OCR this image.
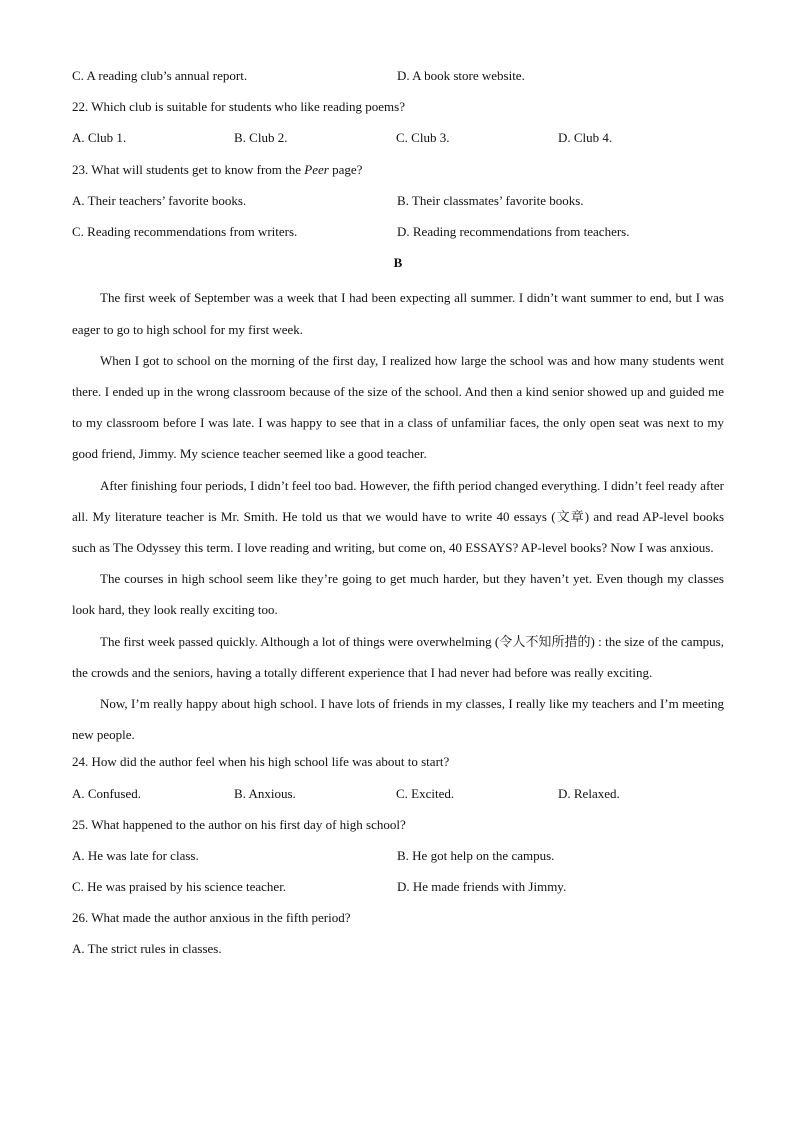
C. A reading club’s annual report.	D. A book store website.
22. Which club is suitable for students who like reading poems?
A. Club 1.	B. Club 2.	C. Club 3.	D. Club 4.
23. What will students get to know from the Peer page?
A. Their teachers’ favorite books.	B. Their classmates’ favorite books.
C. Reading recommendations from writers.	D. Reading recommendations from teachers.
B
The first week of September was a week that I had been expecting all summer. I didn’t want summer to end, but I was eager to go to high school for my first week.
When I got to school on the morning of the first day, I realized how large the school was and how many students went there. I ended up in the wrong classroom because of the size of the school. And then a kind senior showed up and guided me to my classroom before I was late. I was happy to see that in a class of unfamiliar faces, the only open seat was next to my good friend, Jimmy. My science teacher seemed like a good teacher.
After finishing four periods, I didn’t feel too bad. However, the fifth period changed everything. I didn’t feel ready after all. My literature teacher is Mr. Smith. He told us that we would have to write 40 essays (文章) and read AP-level books such as The Odyssey this term. I love reading and writing, but come on, 40 ESSAYS? AP-level books? Now I was anxious.
The courses in high school seem like they’re going to get much harder, but they haven’t yet. Even though my classes look hard, they look really exciting too.
The first week passed quickly. Although a lot of things were overwhelming (令人不知所措的) : the size of the campus, the crowds and the seniors, having a totally different experience that I had never had before was really exciting.
Now, I’m really happy about high school. I have lots of friends in my classes, I really like my teachers and I’m meeting new people.
24. How did the author feel when his high school life was about to start?
A. Confused.	B. Anxious.	C. Excited.	D. Relaxed.
25. What happened to the author on his first day of high school?
A. He was late for class.	B. He got help on the campus.
C. He was praised by his science teacher.	D. He made friends with Jimmy.
26. What made the author anxious in the fifth period?
A. The strict rules in classes.
